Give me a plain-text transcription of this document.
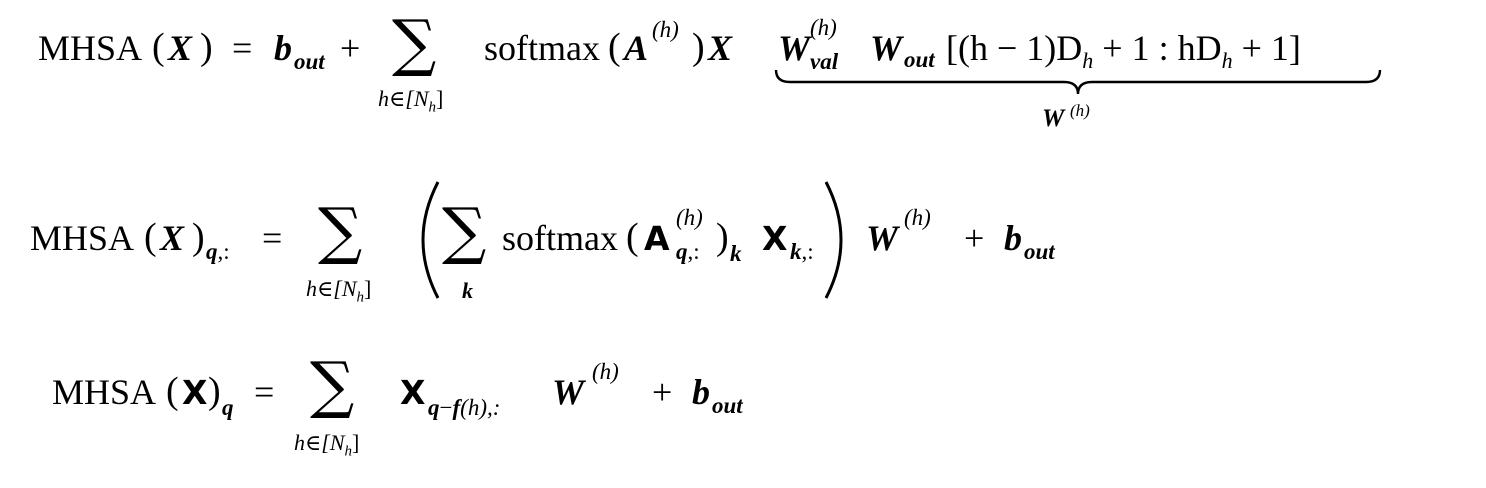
MHSA ( X ) = b out + ∑
$h\in[N_h]$
softmax ( A (h) ) X W
(h)
val W out [$(h - 1)D_h + 1$ : $hD_h + 1$]
W (h)
MHSA ( X ) q,: = ∑
$h\in[N_h]$
∑
k
softmax ( A
(h)
q,: ) k X k,: W
(h)
+ b out
MHSA ( X ) q = ∑
$h\in[N_h]$
X q−f(h),: W
(h)
+ b out
